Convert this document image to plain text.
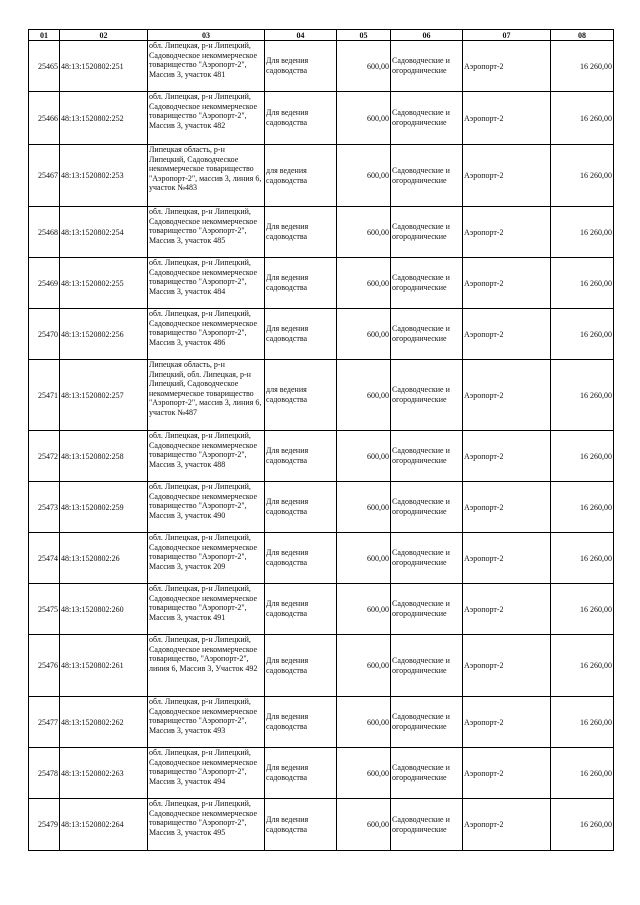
01	02	03	04	05	06	07	08
25465	48:13:1520802:251	обл. Липецкая, р-н Липецкий, Садоводческое некоммерческое товарищество "Аэропорт-2", Массив 3, участок 481	Для ведения садоводства	600,00	Садоводческие и огороднические	Аэропорт-2	16 260,00
25466	48:13:1520802:252	обл. Липецкая, р-н Липецкий, Садоводческое некоммерческое товарищество "Аэропорт-2", Массив 3, участок 482	Для ведения садоводства	600,00	Садоводческие и огороднические	Аэропорт-2	16 260,00
25467	48:13:1520802:253	Липецкая область, р-н Липецкий, Садоводческое некоммерческое товарищество "Аэропорт-2", массив 3, линия 6, участок №483	для ведения садоводства	600,00	Садоводческие и огороднические	Аэропорт-2	16 260,00
25468	48:13:1520802:254	обл. Липецкая, р-н Липецкий, Садоводческое некоммерческое товарищество "Аэропорт-2", Массив 3, участок 485	Для ведения садоводства	600,00	Садоводческие и огороднические	Аэропорт-2	16 260,00
25469	48:13:1520802:255	обл. Липецкая, р-н Липецкий, Садоводческое некоммерческое товарищество "Аэропорт-2", Массив 3, участок 484	Для ведения садоводства	600,00	Садоводческие и огороднические	Аэропорт-2	16 260,00
25470	48:13:1520802:256	обл. Липецкая, р-н Липецкий, Садоводческое некоммерческое товарищество "Аэропорт-2", Массив 3, участок 486	Для ведения садоводства	600,00	Садоводческие и огороднические	Аэропорт-2	16 260,00
25471	48:13:1520802:257	Липецкая область, р-н Липецкий, обл. Липецкая, р-н Липецкий, Садоводческое некоммерческое товарищество "Аэропорт-2", массив 3, линия 6, участок №487	для ведения садоводства	600,00	Садоводческие и огороднические	Аэропорт-2	16 260,00
25472	48:13:1520802:258	обл. Липецкая, р-н Липецкий, Садоводческое некоммерческое товарищество "Аэропорт-2", Массив 3, участок 488	Для ведения садоводства	600,00	Садоводческие и огороднические	Аэропорт-2	16 260,00
25473	48:13:1520802:259	обл. Липецкая, р-н Липецкий, Садоводческое некоммерческое товарищество "Аэропорт-2", Массив 3, участок 490	Для ведения садоводства	600,00	Садоводческие и огороднические	Аэропорт-2	16 260,00
25474	48:13:1520802:26	обл. Липецкая, р-н Липецкий, Садоводческое некоммерческое товарищество "Аэропорт-2", Массив 3, участок 209	Для ведения садоводства	600,00	Садоводческие и огороднические	Аэропорт-2	16 260,00
25475	48:13:1520802:260	обл. Липецкая, р-н Липецкий, Садоводческое некоммерческое товарищество "Аэропорт-2", Массив 3, участок 491	Для ведения садоводства	600,00	Садоводческие и огороднические	Аэропорт-2	16 260,00
25476	48:13:1520802:261	обл. Липецкая, р-н Липецкий, Садоводческое некоммерческое товарищество, "Аэропорт-2", линия 6, Массив 3, Участок 492	Для ведения садоводства	600,00	Садоводческие и огороднические	Аэропорт-2	16 260,00
25477	48:13:1520802:262	обл. Липецкая, р-н Липецкий, Садоводческое некоммерческое товарищество "Аэропорт-2", Массив 3, участок 493	Для ведения садоводства	600,00	Садоводческие и огороднические	Аэропорт-2	16 260,00
25478	48:13:1520802:263	обл. Липецкая, р-н Липецкий, Садоводческое некоммерческое товарищество "Аэропорт-2", Массив 3, участок 494	Для ведения садоводства	600,00	Садоводческие и огороднические	Аэропорт-2	16 260,00
25479	48:13:1520802:264	обл. Липецкая, р-н Липецкий, Садоводческое некоммерческое товарищество "Аэропорт-2", Массив 3, участок 495	Для ведения садоводства	600,00	Садоводческие и огороднические	Аэропорт-2	16 260,00
